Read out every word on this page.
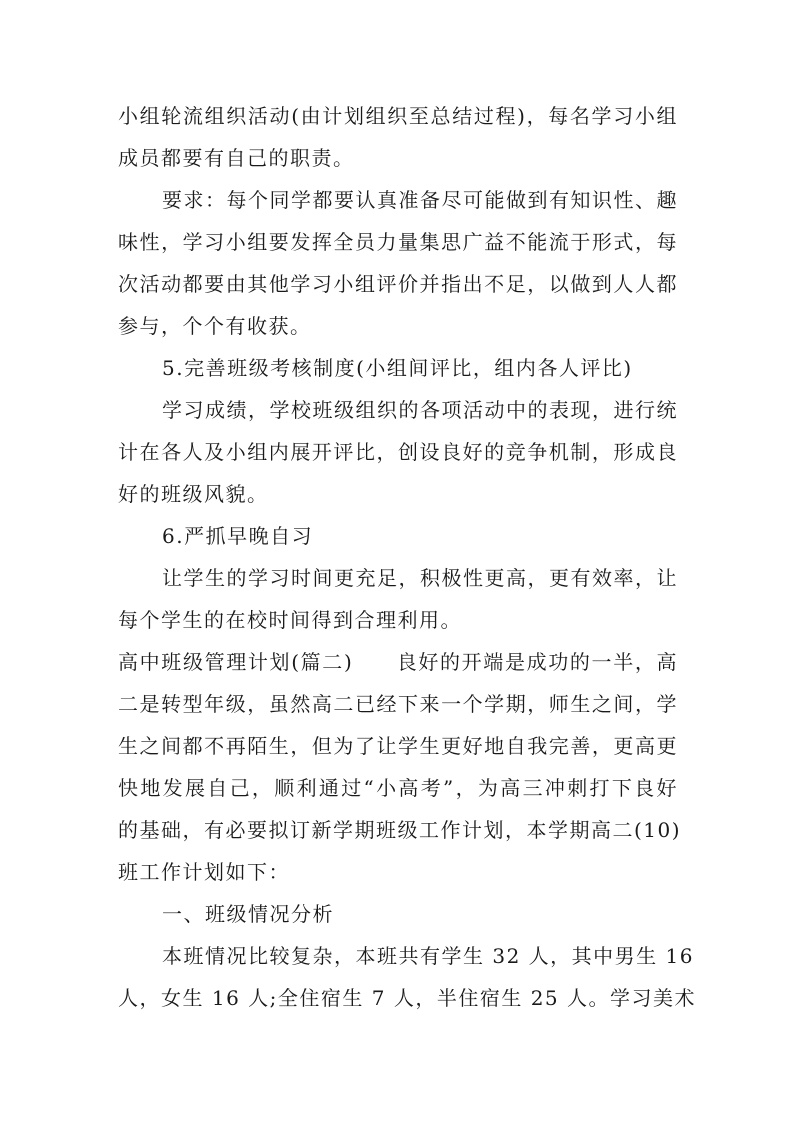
小组轮流组织活动(由计划组织至总结过程)，每名学习小组
成员都要有自己的职责。
要求：每个同学都要认真准备尽可能做到有知识性、趣
味性，学习小组要发挥全员力量集思广益不能流于形式，每
次活动都要由其他学习小组评价并指出不足，以做到人人都
参与，个个有收获。
5.完善班级考核制度(小组间评比，组内各人评比)
学习成绩，学校班级组织的各项活动中的表现，进行统
计在各人及小组内展开评比，创设良好的竞争机制，形成良
好的班级风貌。
6.严抓早晚自习
让学生的学习时间更充足，积极性更高，更有效率，让
每个学生的在校时间得到合理利用。
高中班级管理计划(篇二)　　良好的开端是成功的一半，高
二是转型年级，虽然高二已经下来一个学期，师生之间，学
生之间都不再陌生，但为了让学生更好地自我完善，更高更
快地发展自己，顺利通过“小高考”，为高三冲刺打下良好
的基础，有必要拟订新学期班级工作计划，本学期高二(10)
班工作计划如下：
一、班级情况分析
本班情况比较复杂，本班共有学生 32 人，其中男生 16
人，女生 16 人;全住宿生 7 人，半住宿生 25 人。学习美术
